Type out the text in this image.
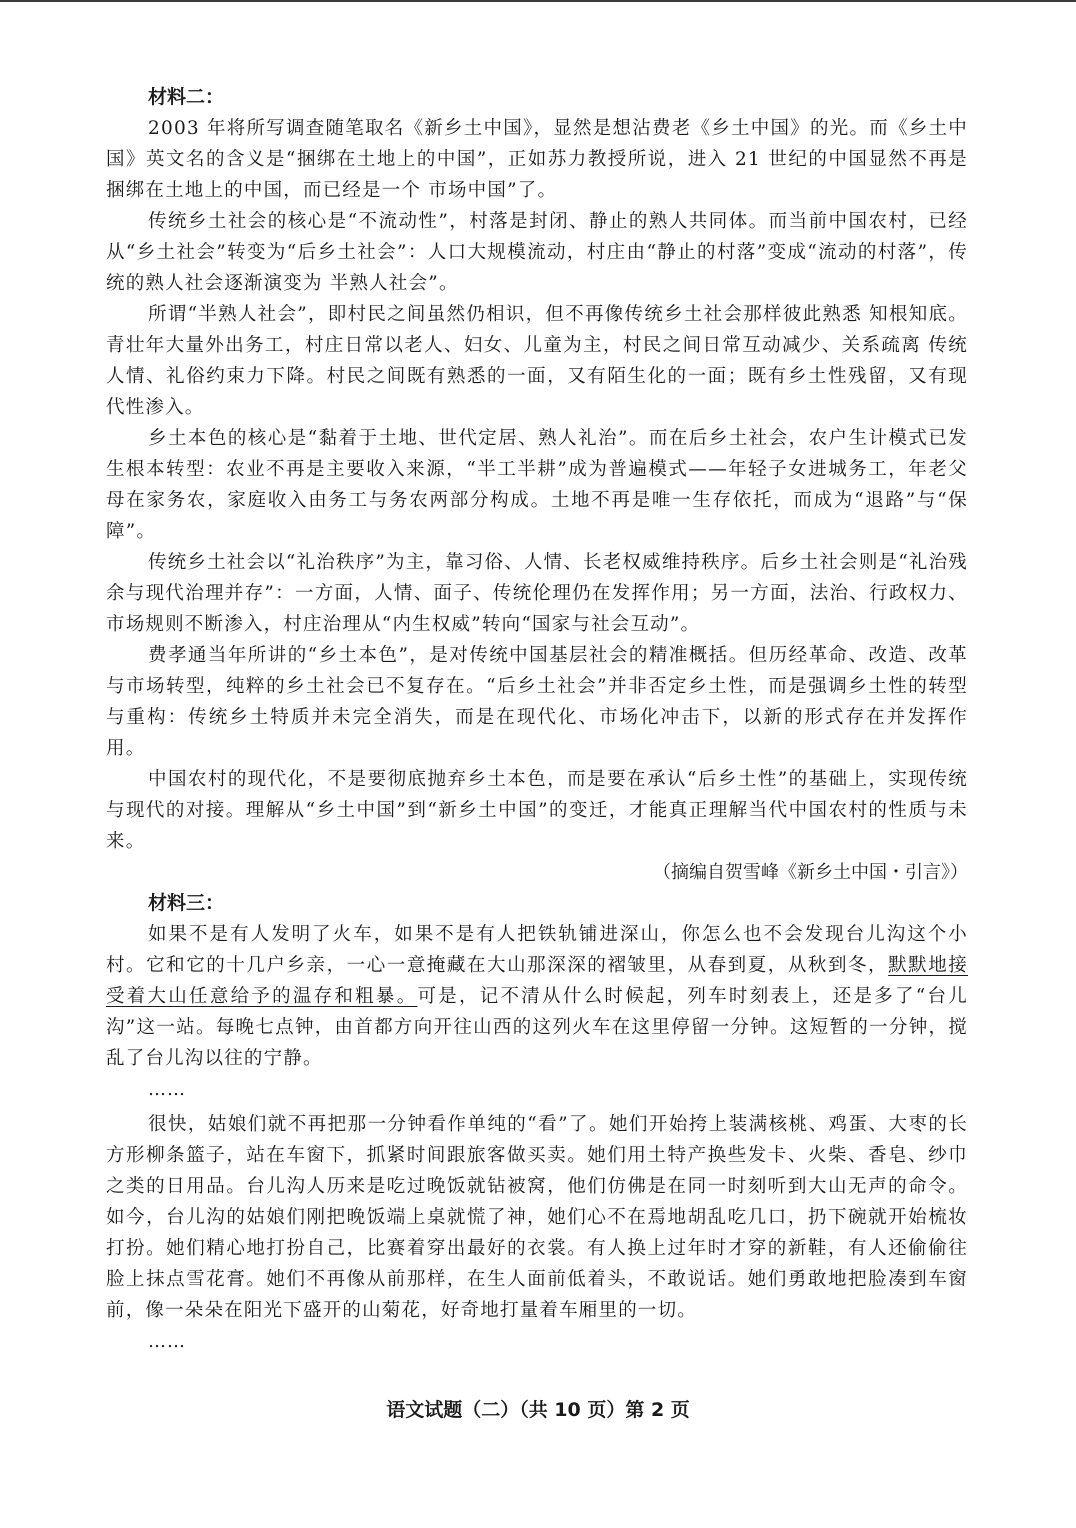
材料二：

2003 年将所写调查随笔取名《新乡土中国》，显然是想沾费老《乡土中国》的光。而《乡土中国》英文名的含义是“捆绑在土地上的中国”，正如苏力教授所说，进入 21 世纪的中国显然不再是捆绑在土地上的中国，而已经是一个 市场中国”了。

传统乡土社会的核心是“不流动性”，村落是封闭、静止的熟人共同体。而当前中国农村，已经从“乡土社会”转变为“后乡土社会”：人口大规模流动，村庄由“静止的村落”变成“流动的村落”，传统的熟人社会逐渐演变为 半熟人社会”。

所谓“半熟人社会”，即村民之间虽然仍相识，但不再像传统乡土社会那样彼此熟悉 知根知底。青壮年大量外出务工，村庄日常以老人、妇女、儿童为主，村民之间日常互动减少、关系疏离 传统人情、礼俗约束力下降。村民之间既有熟悉的一面，又有陌生化的一面；既有乡土性残留，又有现代性渗入。

乡土本色的核心是“黏着于土地、世代定居、熟人礼治”。而在后乡土社会，农户生计模式已发生根本转型：农业不再是主要收入来源，“半工半耕”成为普遍模式——年轻子女进城务工，年老父母在家务农，家庭收入由务工与务农两部分构成。土地不再是唯一生存依托，而成为“退路”与“保障”。

传统乡土社会以“礼治秩序”为主，靠习俗、人情、长老权威维持秩序。后乡土社会则是“礼治残余与现代治理并存”：一方面，人情、面子、传统伦理仍在发挥作用；另一方面，法治、行政权力、市场规则不断渗入，村庄治理从“内生权威”转向“国家与社会互动”。

费孝通当年所讲的“乡土本色”，是对传统中国基层社会的精准概括。但历经革命、改造、改革与市场转型，纯粹的乡土社会已不复存在。“后乡土社会”并非否定乡土性，而是强调乡土性的转型与重构：传统乡土特质并未完全消失，而是在现代化、市场化冲击下，以新的形式存在并发挥作用。

中国农村的现代化，不是要彻底抛弃乡土本色，而是要在承认“后乡土性”的基础上，实现传统与现代的对接。理解从“乡土中国”到“新乡土中国”的变迁，才能真正理解当代中国农村的性质与未来。

（摘编自贺雪峰《新乡土中国・引言》）

材料三：

如果不是有人发明了火车，如果不是有人把铁轨铺进深山，你怎么也不会发现台儿沟这个小村。它和它的十几户乡亲，一心一意掩藏在大山那深深的褶皱里，从春到夏，从秋到冬，默默地接受着大山任意给予的温存和粗暴。可是，记不清从什么时候起，列车时刻表上，还是多了“台儿沟”这一站。每晚七点钟，由首都方向开往山西的这列火车在这里停留一分钟。这短暂的一分钟，搅乱了台儿沟以往的宁静。

……

很快，姑娘们就不再把那一分钟看作单纯的“看”了。她们开始挎上装满核桃、鸡蛋、大枣的长方形柳条篮子，站在车窗下，抓紧时间跟旅客做买卖。她们用土特产换些发卡、火柴、香皂、纱巾之类的日用品。台儿沟人历来是吃过晚饭就钻被窝，他们仿佛是在同一时刻听到大山无声的命令。如今，台儿沟的姑娘们刚把晚饭端上桌就慌了神，她们心不在焉地胡乱吃几口，扔下碗就开始梳妆打扮。她们精心地打扮自己，比赛着穿出最好的衣裳。有人换上过年时才穿的新鞋，有人还偷偷往脸上抹点雪花膏。她们不再像从前那样，在生人面前低着头，不敢说话。她们勇敢地把脸凑到车窗前，像一朵朵在阳光下盛开的山菊花，好奇地打量着车厢里的一切。

……

语文试题（二）（共 10 页）第 2 页
